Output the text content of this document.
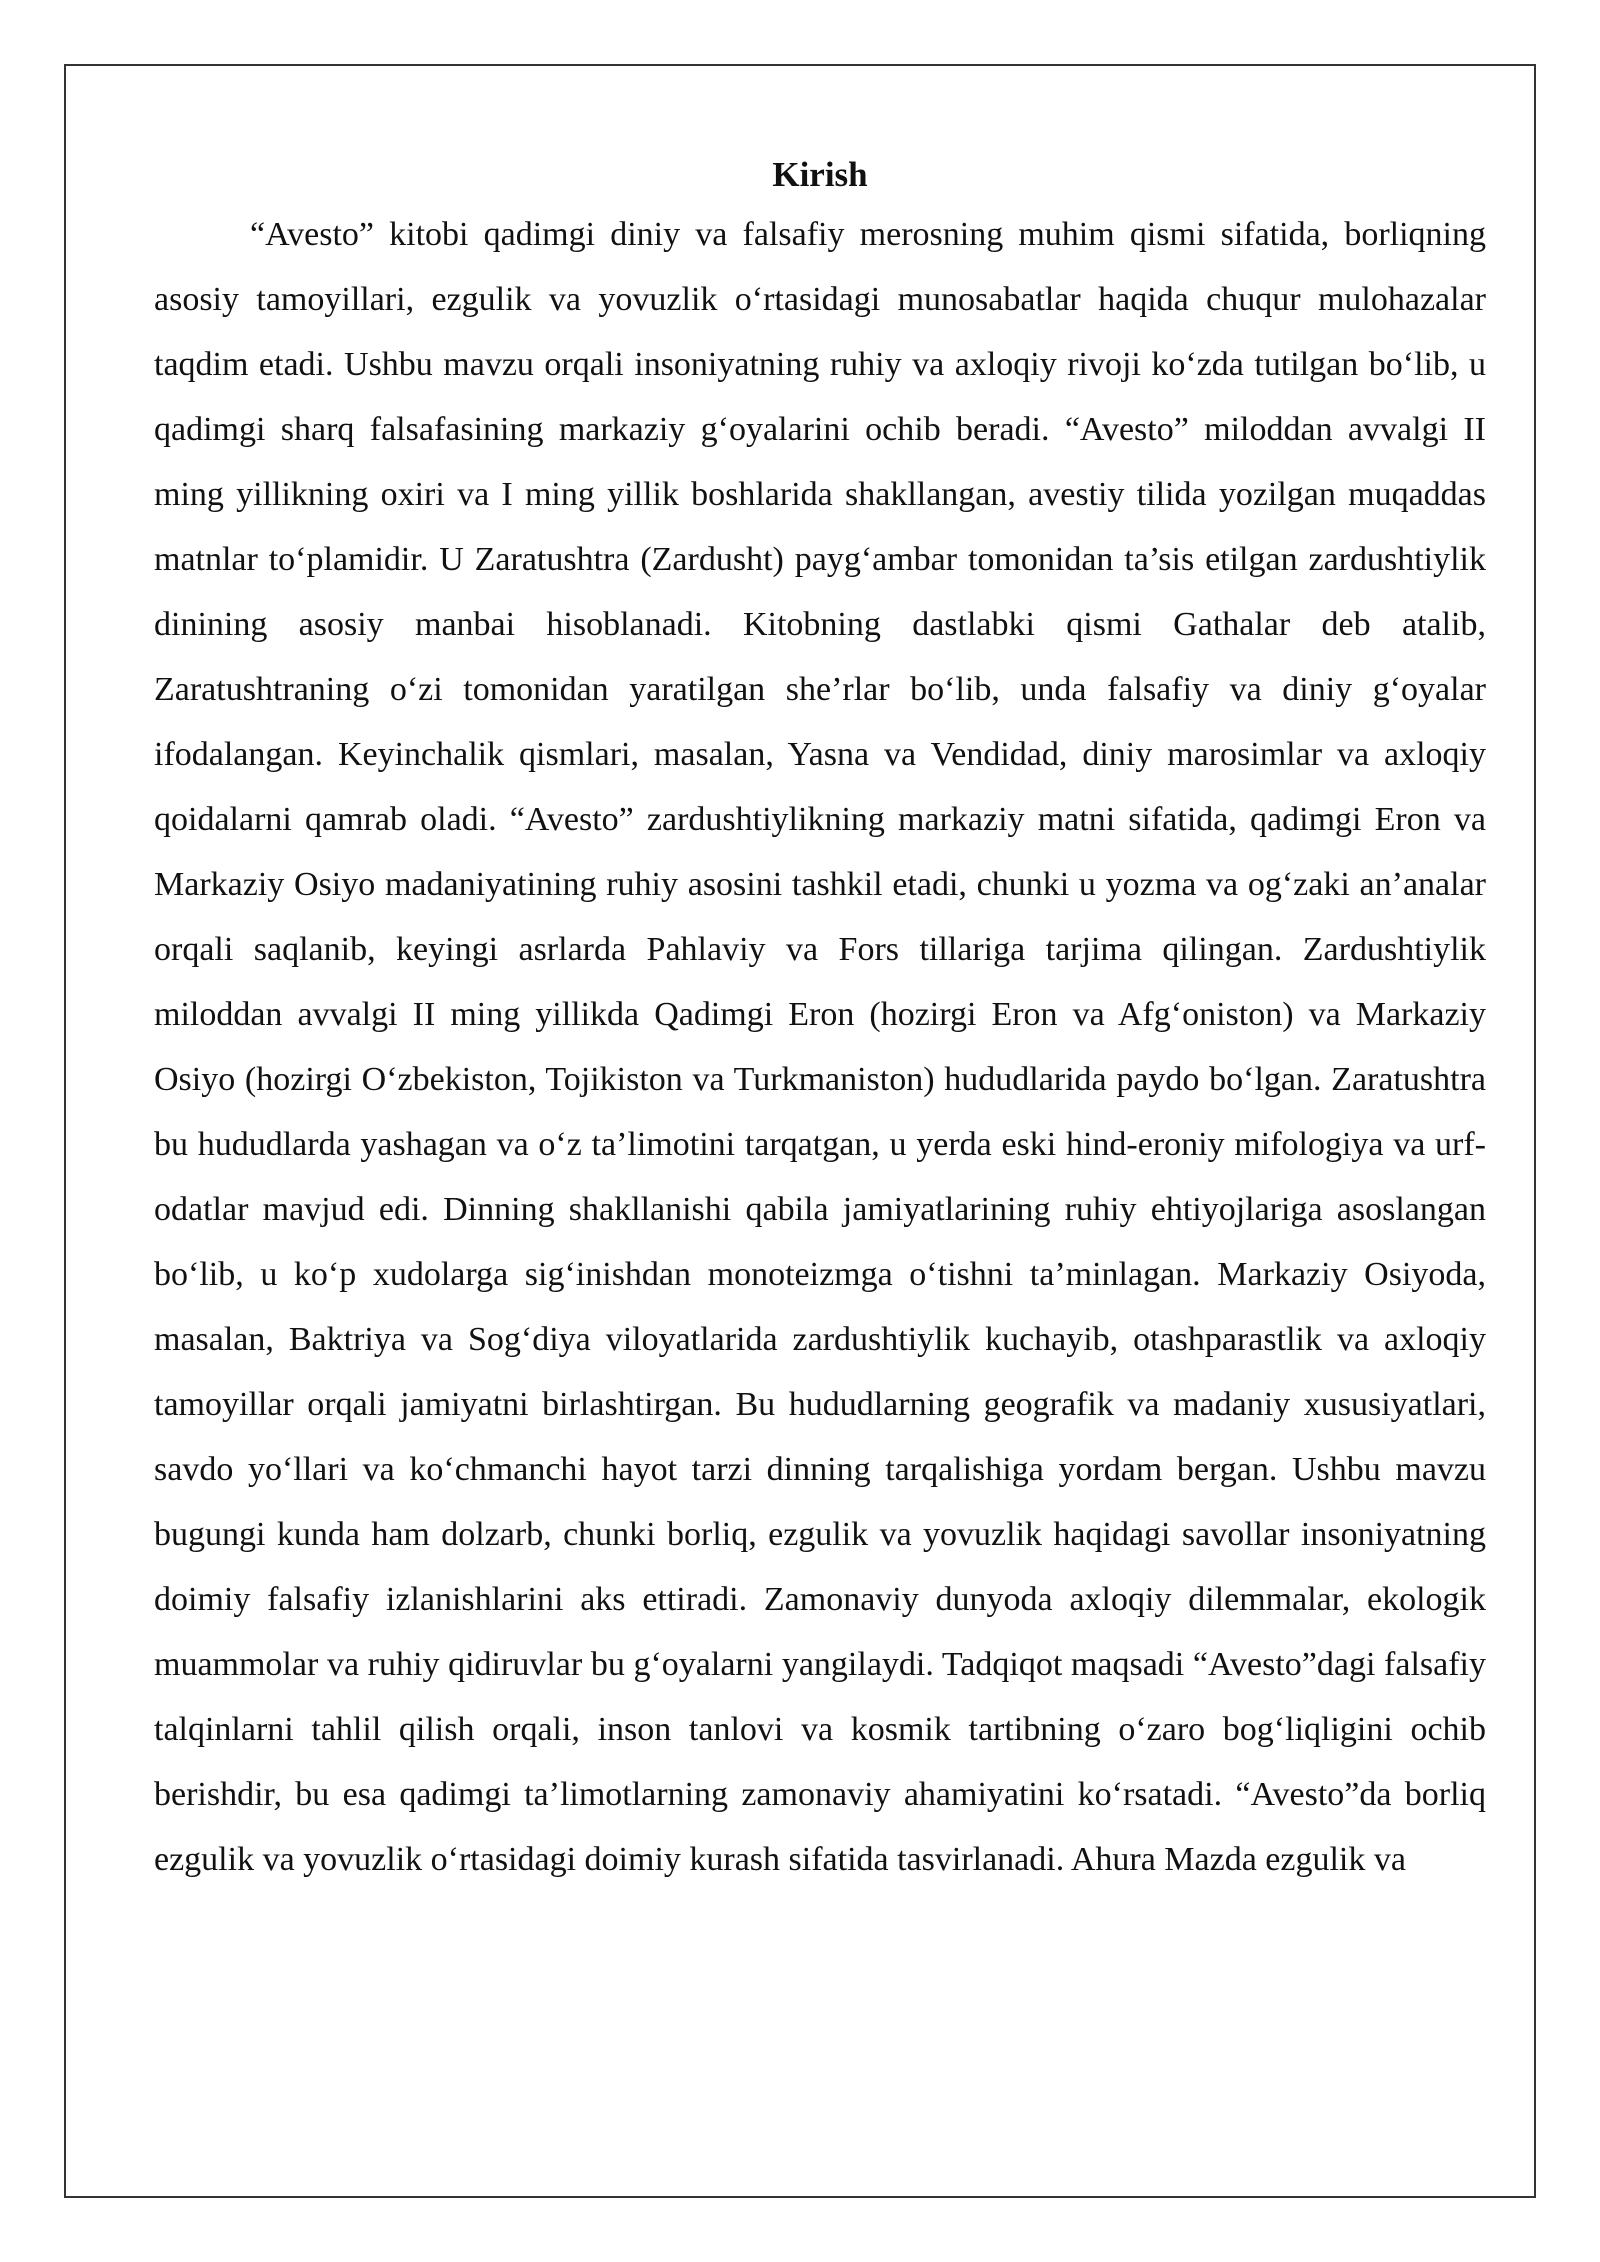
Kirish

“Avesto” kitobi qadimgi diniy va falsafiy merosning muhim qismi sifatida, borliqning asosiy tamoyillari, ezgulik va yovuzlik o‘rtasidagi munosabatlar haqida chuqur mulohazalar taqdim etadi. Ushbu mavzu orqali insoniyatning ruhiy va axloqiy rivoji ko‘zda tutilgan bo‘lib, u qadimgi sharq falsafasining markaziy g‘oyalarini ochib beradi. “Avesto” miloddan avvalgi II ming yillikning oxiri va I ming yillik boshlarida shakllangan, avestiy tilida yozilgan muqaddas matnlar to‘plamidir. U Zaratushtra (Zardusht) payg‘ambar tomonidan ta’sis etilgan zardushtiylik dinining asosiy manbai hisoblanadi. Kitobning dastlabki qismi Gathalar deb atalib, Zaratushtraning o‘zi tomonidan yaratilgan she’rlar bo‘lib, unda falsafiy va diniy g‘oyalar ifodalangan. Keyinchalik qismlari, masalan, Yasna va Vendidad, diniy marosimlar va axloqiy qoidalarni qamrab oladi. “Avesto” zardushtiylikning markaziy matni sifatida, qadimgi Eron va Markaziy Osiyo madaniyatining ruhiy asosini tashkil etadi, chunki u yozma va og‘zaki an’analar orqali saqlanib, keyingi asrlarda Pahlaviy va Fors tillariga tarjima qilingan. Zardushtiylik miloddan avvalgi II ming yillikda Qadimgi Eron (hozirgi Eron va Afg‘oniston) va Markaziy Osiyo (hozirgi O‘zbekiston, Tojikiston va Turkmaniston) hududlarida paydo bo‘lgan. Zaratushtra bu hududlarda yashagan va o‘z ta’limotini tarqatgan, u yerda eski hind-eroniy mifologiya va urf-odatlar mavjud edi. Dinning shakllanishi qabila jamiyatlarining ruhiy ehtiyojlariga asoslangan bo‘lib, u ko‘p xudolarga sig‘inishdan monoteizmga o‘tishni ta’minlagan. Markaziy Osiyoda, masalan, Baktriya va Sog‘diya viloyatlarida zardushtiylik kuchayib, otashparastlik va axloqiy tamoyillar orqali jamiyatni birlashtirgan. Bu hududlarning geografik va madaniy xususiyatlari, savdo yo‘llari va ko‘chmanchi hayot tarzi dinning tarqalishiga yordam bergan. Ushbu mavzu bugungi kunda ham dolzarb, chunki borliq, ezgulik va yovuzlik haqidagi savollar insoniyatning doimiy falsafiy izlanishlarini aks ettiradi. Zamonaviy dunyoda axloqiy dilemmalar, ekologik muammolar va ruhiy qidiruvlar bu g‘oyalarni yangilaydi. Tadqiqot maqsadi “Avesto”dagi falsafiy talqinlarni tahlil qilish orqali, inson tanlovi va kosmik tartibning o‘zaro bog‘liqligini ochib berishdir, bu esa qadimgi ta’limotlarning zamonaviy ahamiyatini ko‘rsatadi. “Avesto”da borliq ezgulik va yovuzlik o‘rtasidagi doimiy kurash sifatida tasvirlanadi. Ahura Mazda ezgulik va
